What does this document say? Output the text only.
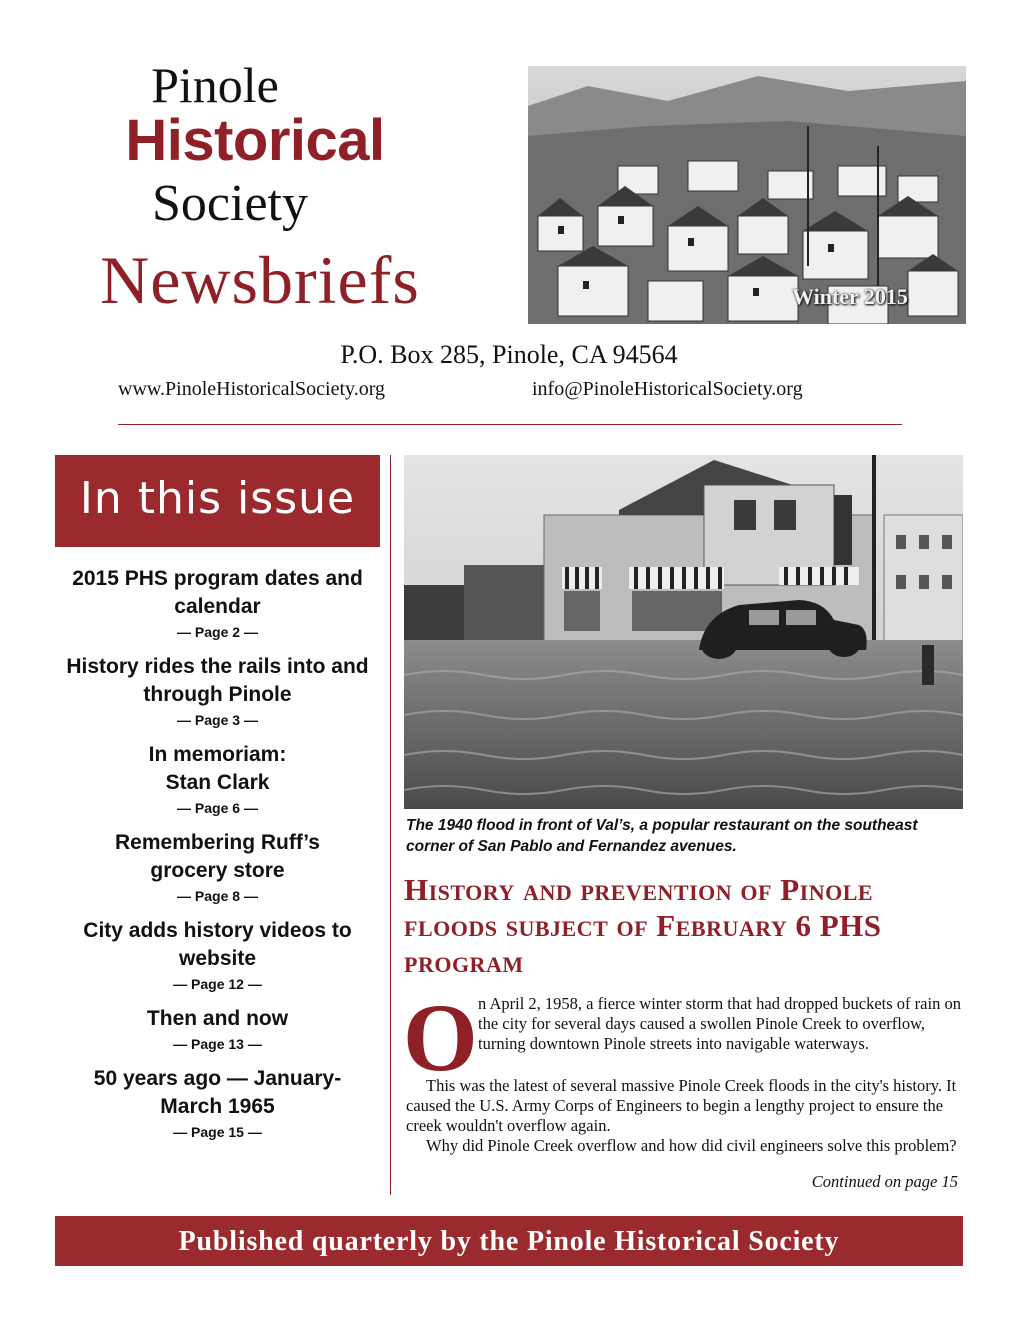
Pinole
Historical
Society
Newsbriefs	Winter 2015
P.O. Box 285, Pinole, CA 94564
www.PinoleHistoricalSociety.org	info@PinoleHistoricalSociety.org
In this issue
2015 PHS program dates and calendar
— Page 2 —
History rides the rails into and through Pinole
— Page 3 —
In memoriam: Stan Clark
— Page 6 —
Remembering Ruff’s grocery store
— Page 8 —
City adds history videos to website
— Page 12 —
Then and now
— Page 13 —
50 years ago — January-March 1965
— Page 15 —
The 1940 flood in front of Val’s, a popular restaurant on the southeast corner of San Pablo and Fernandez avenues.
History and prevention of Pinole floods subject of February 6 PHS program
O n April 2, 1958, a fierce winter storm that had dropped buckets of rain on the city for several days caused a swollen Pinole Creek to overflow, turning downtown Pinole streets into navigable waterways.
This was the latest of several massive Pinole Creek floods in the city's history. It caused the U.S. Army Corps of Engineers to begin a lengthy project to ensure the creek wouldn't overflow again.
Why did Pinole Creek overflow and how did civil engineers solve this problem?
Continued on page 15
Published quarterly by the Pinole Historical Society
